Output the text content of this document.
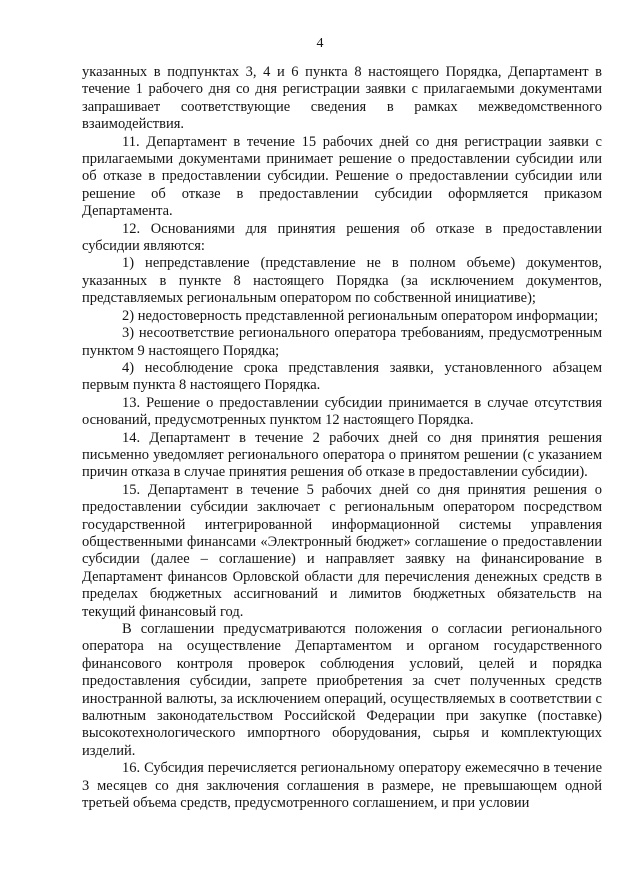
4

указанных в подпунктах 3, 4 и 6 пункта 8 настоящего Порядка, Департамент в течение 1 рабочего дня со дня регистрации заявки с прилагаемыми документами запрашивает соответствующие сведения в рамках межведомственного взаимодействия.

11. Департамент в течение 15 рабочих дней со дня регистрации заявки с прилагаемыми документами принимает решение о предоставлении субсидии или об отказе в предоставлении субсидии. Решение о предоставлении субсидии или решение об отказе в предоставлении субсидии оформляется приказом Департамента.

12. Основаниями для принятия решения об отказе в предоставлении субсидии являются:

1) непредставление (представление не в полном объеме) документов, указанных в пункте 8 настоящего Порядка (за исключением документов, представляемых региональным оператором по собственной инициативе);

2) недостоверность представленной региональным оператором информации;

3) несоответствие регионального оператора требованиям, предусмотренным пунктом 9 настоящего Порядка;

4) несоблюдение срока представления заявки, установленного абзацем первым пункта 8 настоящего Порядка.

13. Решение о предоставлении субсидии принимается в случае отсутствия оснований, предусмотренных пунктом 12 настоящего Порядка.

14. Департамент в течение 2 рабочих дней со дня принятия решения письменно уведомляет регионального оператора о принятом решении (с указанием причин отказа в случае принятия решения об отказе в предоставлении субсидии).

15. Департамент в течение 5 рабочих дней со дня принятия решения о предоставлении субсидии заключает с региональным оператором посредством государственной интегрированной информационной системы управления общественными финансами «Электронный бюджет» соглашение о предоставлении субсидии (далее – соглашение) и направляет заявку на финансирование в Департамент финансов Орловской области для перечисления денежных средств в пределах бюджетных ассигнований и лимитов бюджетных обязательств на текущий финансовый год.

В соглашении предусматриваются положения о согласии регионального оператора на осуществление Департаментом и органом государственного финансового контроля проверок соблюдения условий, целей и порядка предоставления субсидии, запрете приобретения за счет полученных средств иностранной валюты, за исключением операций, осуществляемых в соответствии с валютным законодательством Российской Федерации при закупке (поставке) высокотехнологического импортного оборудования, сырья и комплектующих изделий.

16. Субсидия перечисляется региональному оператору ежемесячно в течение 3 месяцев со дня заключения соглашения в размере, не превышающем одной третьей объема средств, предусмотренного соглашением, и при условии
